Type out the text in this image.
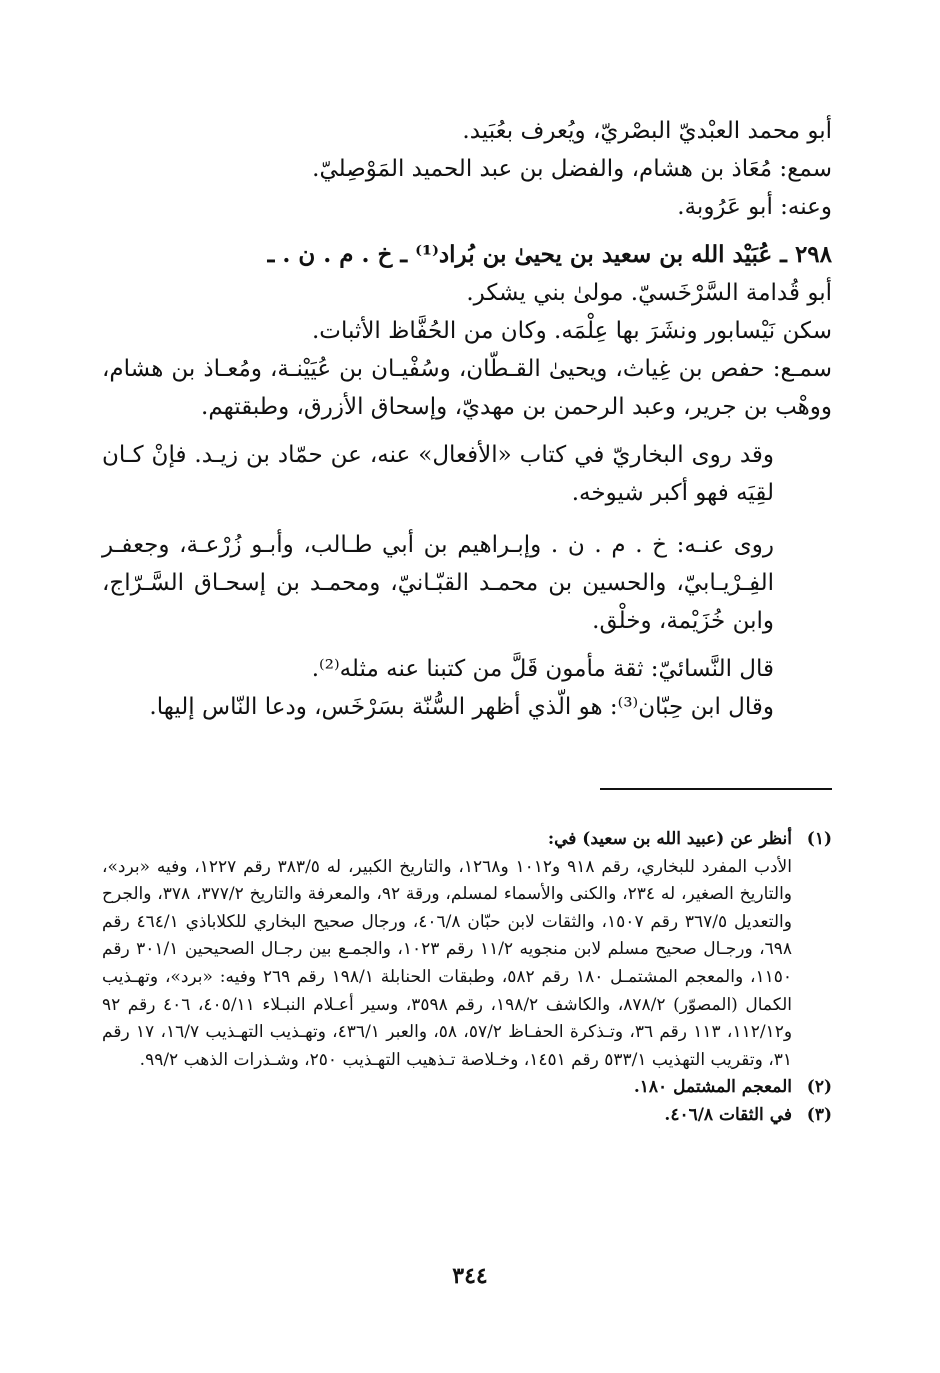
أبو محمد العبْديّ البصْريّ، ويُعرف بعُبَيد.

سمع: مُعَاذ بن هشام، والفضل بن عبد الحميد المَوْصِليّ.

وعنه: أبو عَرُوبة.

٢٩٨ ـ عُبَيْد الله بن سعيد بن يحيىٰ بن بُراد⁽¹⁾ ـ خ . م . ن . ـ

أبو قُدامة السَّرْخَسيّ. مولىٰ بني يشكر.

سكن نَيْسابور ونشَرَ بها عِلْمَه. وكان من الحُفَّاظ الأثبات.

سمـع: حفص بن غِياث، ويحيىٰ القـطّان، وسُفْيـان بن عُيَيْنـة، ومُعـاذ بن هشام، ووهْب بن جرير، وعبد الرحمن بن مهديّ، وإسحاق الأزرق، وطبقتهم.

وقد روى البخاريّ في كتاب «الأفعال» عنه، عن حمّاد بن زيـد. فإنْ كـان لقِيَه فهو أكبر شيوخه.

روى عنـه: خ . م . ن . وإبـراهيم بن أبي طـالب، وأبـو زُرْعـة، وجعفـر الفِـرْيـابيّ، والحسين بن محمـد القبّـانيّ، ومحمـد بن إسحـاق السَّـرّاج، وابن خُزَيْمة، وخلْق.

قال النَّسائيّ: ثقة مأمون قَلَّ من كتبنا عنه مثله⁽²⁾.

وقال ابن حِبّان⁽³⁾: هو الّذي أظهر السُّنّة بسَرْخَس، ودعا النّاس إليها.

(١)

أنظر عن (عبيد الله بن سعيد) في:

الأدب المفرد للبخاري، رقم ٩١٨ و١٠١٢ و١٢٦٨، والتاريخ الكبير، له ٣٨٣/٥ رقم ١٢٢٧، وفيه «برد»، والتاريخ الصغير، له ٢٣٤، والكنى والأسماء لمسلم، ورقة ٩٢، والمعرفة والتاريخ ٣٧٧/٢، ٣٧٨، والجرح والتعديل ٣٦٧/٥ رقم ١٥٠٧، والثقات لابن حبّان ٤٠٦/٨، ورجال صحيح البخاري للكلاباذي ٤٦٤/١ رقم ٦٩٨، ورجـال صحيح مسلم لابن منجويه ١١/٢ رقم ١٠٢٣، والجمـع بين رجـال الصحيحين ٣٠١/١ رقم ١١٥٠، والمعجم المشتمـل ١٨٠ رقم ٥٨٢، وطبقات الحنابلة ١٩٨/١ رقم ٢٦٩ وفيه: «برد»، وتهـذيب الكمال (المصوّر) ٨٧٨/٢، والكاشف ١٩٨/٢، رقم ٣٥٩٨، وسير أعـلام النبـلاء ٤٠٥/١١، ٤٠٦ رقم ٩٢ و١١٢/١٢، ١١٣ رقم ٣٦، وتـذكرة الحفـاظ ٥٧/٢، ٥٨، والعبر ٤٣٦/١، وتهـذيب التهـذيب ١٦/٧، ١٧ رقم ٣١، وتقريب التهذيب ٥٣٣/١ رقم ١٤٥١، وخـلاصة تـذهيب التهـذيب ٢٥٠، وشـذرات الذهب ٩٩/٢.

(٢)

المعجم المشتمل ١٨٠.

(٣)

في الثقات ٤٠٦/٨.

٣٤٤
